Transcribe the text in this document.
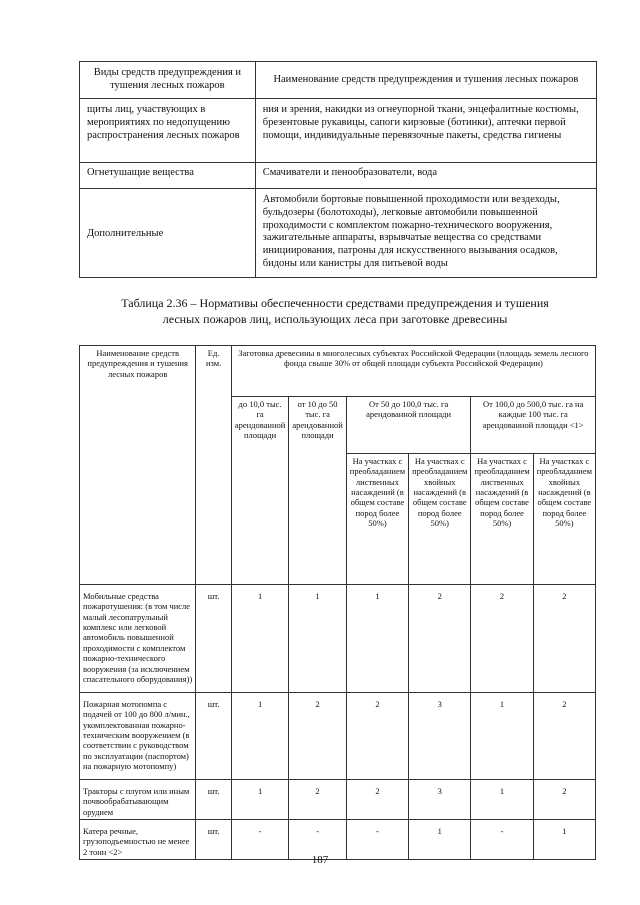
Виды средств предупреждения и тушения лесных пожаров	Наименование средств предупреждения и тушения лесных пожаров
щиты лиц, участвующих в мероприятиях по недопущению распространения лесных пожаров	ния и зрения, накидки из огнеупорной ткани, энцефалитные костюмы, брезентовые рукавицы, сапоги кирзовые (ботинки), аптечки первой помощи, индивидуальные перевязочные пакеты, средства гигиены
Огнетушащие вещества	Смачиватели и пенообразователи, вода
Дополнительные	Автомобили бортовые повышенной проходимости или вездеходы, бульдозеры (болотоходы), легковые автомобили повышенной проходимости с комплектом пожарно-технического вооружения, зажигательные аппараты, взрывчатые вещества со средствами инициирования, патроны для искусственного вызывания осадков, бидоны или канистры для питьевой воды
Таблица 2.36 – Нормативы обеспеченности средствами предупреждения и тушения
лесных пожаров лиц, использующих леса при заготовке древесины
Наименование средств предупреждения и тушения лесных пожаров	Ед. изм.	Заготовка древесины в многолесных субъектах Российской Федерации (площадь земель лесного фонда свыше 30% от общей площади субъекта Российской Федерации)					
		до 10,0 тыс. га арендованной площади	от 10 до 50 тыс. га арендованной площади	От 50 до 100,0 тыс. га арендованной площади		От 100,0 до 500,0 тыс. га на каждые 100 тыс. га арендованной площади <1>	
				На участках с преобладанием лиственных насаждений (в общем составе пород более 50%)	На участках с преобладанием хвойных насаждений (в общем составе пород более 50%)	На участках с преобладанием лиственных насаждений (в общем составе пород более 50%)	На участках с преобладанием хвойных насаждений (в общем составе пород более 50%)
Мобильные средства пожаротушения: (в том числе малый лесопатрульный комплекс или легковой автомобиль повышенной проходимости с комплектом пожарно-технического вооружения (за исключением спасательного оборудования))	шт.	1	1	1	2	2	2
Пожарная мотопомпа с подачей от 100 до 800 л/мин., укомплектованная пожарно-техническим вооружением (в соответствии с руководством по эксплуатации (паспортом) на пожарную мотопомпу)	шт.	1	2	2	3	1	2
Тракторы с плугом или иным почвообрабатывающим орудием	шт.	1	2	2	3	1	2
Катера речные, грузоподъемностью не менее 2 тонн <2>	шт.	-	-	-	1	-	1
187
